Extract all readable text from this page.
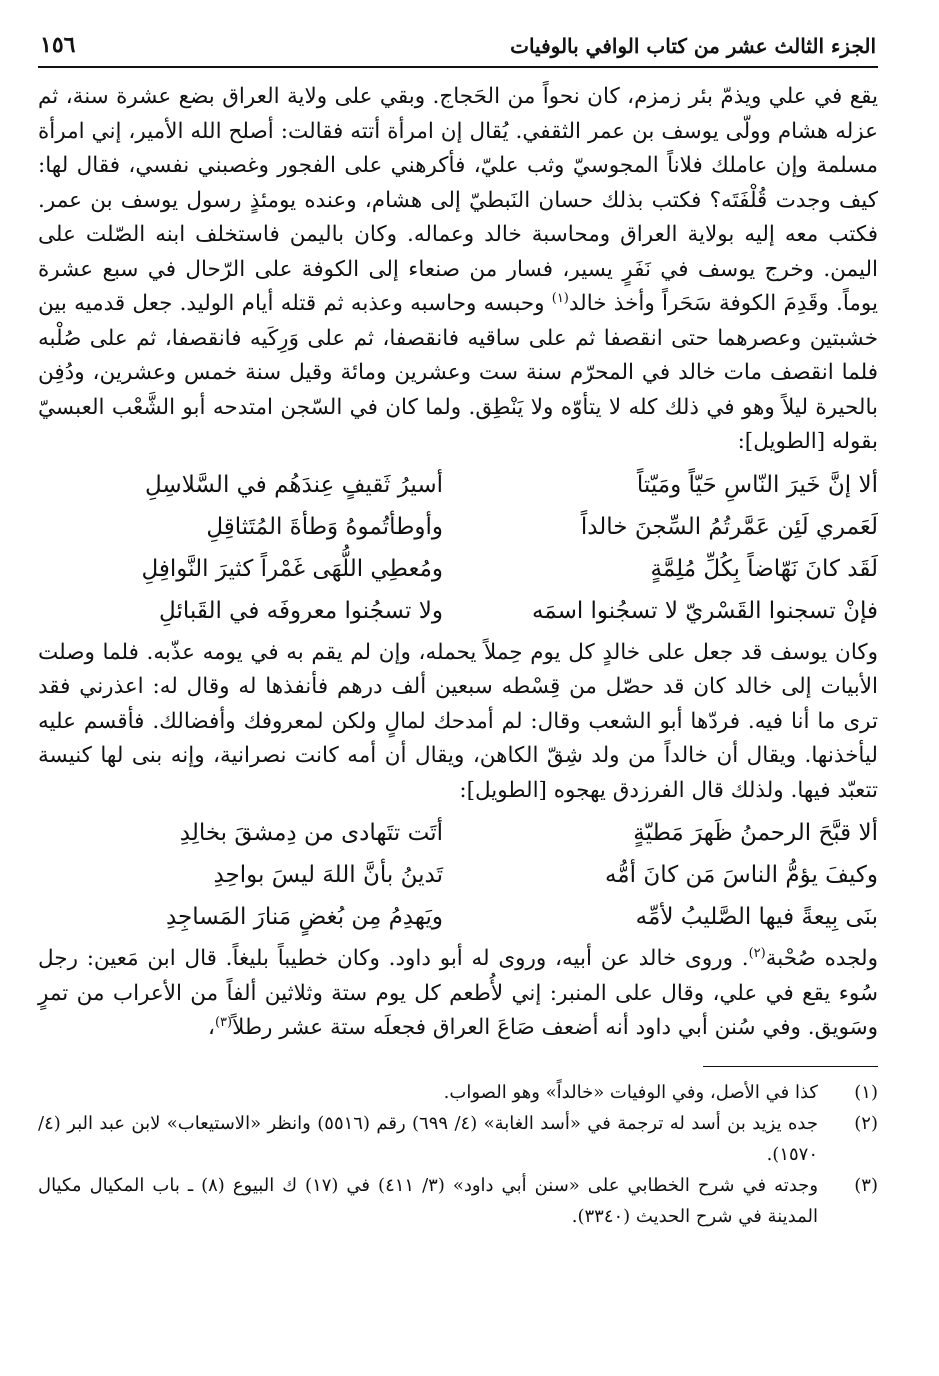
١٥٦	الجزء الثالث عشر من كتاب الوافي بالوفيات

يقع في علي ويذمّ بئر زمزم، كان نحواً من الحَجاج. وبقي على ولاية العراق بضع عشرة سنة، ثم عزله هشام وولّى يوسف بن عمر الثقفي. يُقال إن امرأة أتته فقالت: أصلح الله الأمير، إني امرأة مسلمة وإن عاملك فلاناً المجوسيّ وثب عليّ، فأكرهني على الفجور وغصبني نفسي، فقال لها: كيف وجدت قُلْفَتَه؟ فكتب بذلك حسان النَبطيّ إلى هشام، وعنده يومئذٍ رسول يوسف بن عمر. فكتب معه إليه بولاية العراق ومحاسبة خالد وعماله. وكان باليمن فاستخلف ابنه الصّلت على اليمن. وخرج يوسف في نَفَرٍ يسير، فسار من صنعاء إلى الكوفة على الرّحال في سبع عشرة يوماً. وقَدِمَ الكوفة سَحَراً وأخذ خالد$^{(١)}$ وحبسه وحاسبه وعذبه ثم قتله أيام الوليد. جعل قدميه بين خشبتين وعصرهما حتى انقصفا ثم على ساقيه فانقصفا، ثم على وَرِكَيه فانقصفا، ثم على صُلْبه فلما انقصف مات خالد في المحرّم سنة ست وعشرين ومائة وقيل سنة خمس وعشرين، ودُفِن بالحيرة ليلاً وهو في ذلك كله لا يتأوّه ولا يَنْطِق. ولما كان في السّجن امتدحه أبو الشَّعْب العبسيّ بقوله [الطويل]:

ألا إنَّ خَيرَ النّاسِ حَيّاً ومَيّتاً
أسيرُ ثَقيفٍ عِندَهُم في السَّلاسِلِ
لَعَمري لَئِن عَمَّرتُمُ السِّجنَ خالداً
وأوطأتُموهُ وَطأةَ المُتَثاقِلِ
لَقَد كانَ نَهّاضاً بِكُلِّ مُلِمَّةٍ
ومُعطِي اللُّهَى غَمْراً كثيرَ النَّوافِلِ
فإنْ تسجنوا القَسْريّ لا تسجُنوا اسمَه
ولا تسجُنوا معروفَه في القَبائلِ

وكان يوسف قد جعل على خالدٍ كل يوم حِملاً يحمله، وإن لم يقم به في يومه عذّبه. فلما وصلت الأبيات إلى خالد كان قد حصّل من قِسْطه سبعين ألف درهم فأنفذها له وقال له: اعذرني فقد ترى ما أنا فيه. فردّها أبو الشعب وقال: لم أمدحك لمالٍ ولكن لمعروفك وأفضالك. فأقسم عليه ليأخذنها. ويقال أن خالداً من ولد شِقّ الكاهن، ويقال أن أمه كانت نصرانية، وإنه بنى لها كنيسة تتعبّد فيها. ولذلك قال الفرزدق يهجوه [الطويل]:

ألا قبَّحَ الرحمنُ ظَهرَ مَطيّةٍ
أتَت تتَهادى من دِمشقَ بخالِدِ
وكيفَ يؤمُّ الناسَ مَن كانَ أمُّه
تَدينُ بأنَّ اللهَ ليسَ بواحِدِ
بنَى بِيعةً فيها الصَّليبُ لأمِّه
ويَهدِمُ مِن بُغضٍ مَنارَ المَساجِدِ

ولجده صُحْبة$^{(٢)}$. وروى خالد عن أبيه، وروى له أبو داود. وكان خطيباً بليغاً. قال ابن مَعين: رجل سُوء يقع في علي، وقال على المنبر: إني لأُطعم كل يوم ستة وثلاثين ألفاً من الأعراب من تمرٍ وسَويق. وفي سُنن أبي داود أنه أضعف صَاعَ العراق فجعلَه ستة عشر رطلاً$^{(٣)}$،

(١)
كذا في الأصل، وفي الوفيات «خالداً» وهو الصواب.
(٢)
جده يزيد بن أسد له ترجمة في «أسد الغابة» (٤/ ٦٩٩) رقم (٥٥١٦) وانظر «الاستيعاب» لابن عبد البر (٤/ ١٥٧٠).
(٣)
وجدته في شرح الخطابي على «سنن أبي داود» (٣/ ٤١١) في (١٧) ك البيوع (٨) ـ باب المكيال مكيال المدينة في شرح الحديث (٣٣٤٠).
